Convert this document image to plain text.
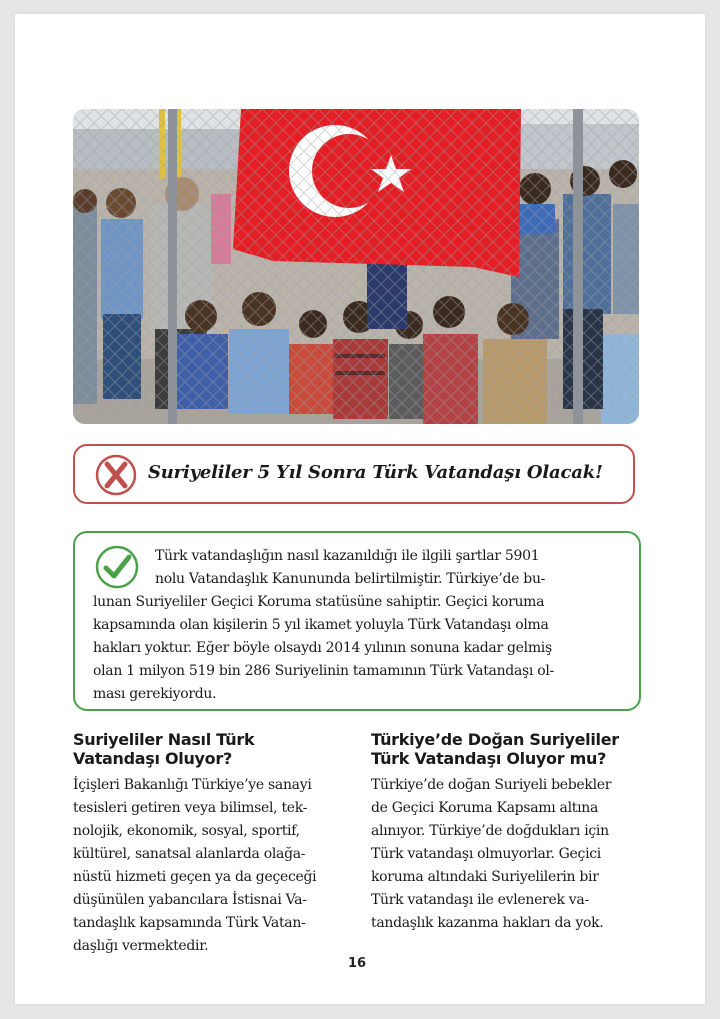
Suriyeliler 5 Yıl Sonra Türk Vatandaşı Olacak!
Türk vatandaşlığın nasıl kazanıldığı ile ilgili şartlar 5901
nolu Vatandaşlık Kanununda belirtilmiştir. Türkiye’de bu-
lunan Suriyeliler Geçici Koruma statüsüne sahiptir. Geçici koruma
kapsamında olan kişilerin 5 yıl ikamet yoluyla Türk Vatandaşı olma
hakları yoktur. Eğer böyle olsaydı 2014 yılının sonuna kadar gelmiş
olan 1 milyon 519 bin 286 Suriyelinin tamamının Türk Vatandaşı ol-
ması gerekiyordu.
Suriyeliler Nasıl Türk
Vatandaşı Oluyor?
İçişleri Bakanlığı Türkiye’ye sanayi
tesisleri getiren veya bilimsel, tek-
nolojik, ekonomik, sosyal, sportif,
kültürel, sanatsal alanlarda olağa-
nüstü hizmeti geçen ya da geçeceği
düşünülen yabancılara İstisnai Va-
tandaşlık kapsamında Türk Vatan-
daşlığı vermektedir.
Türkiye’de Doğan Suriyeliler
Türk Vatandaşı Oluyor mu?
Türkiye’de doğan Suriyeli bebekler
de Geçici Koruma Kapsamı altına
alınıyor. Türkiye’de doğdukları için
Türk vatandaşı olmuyorlar. Geçici
koruma altındaki Suriyelilerin bir
Türk vatandaşı ile evlenerek va-
tandaşlık kazanma hakları da yok.
16
